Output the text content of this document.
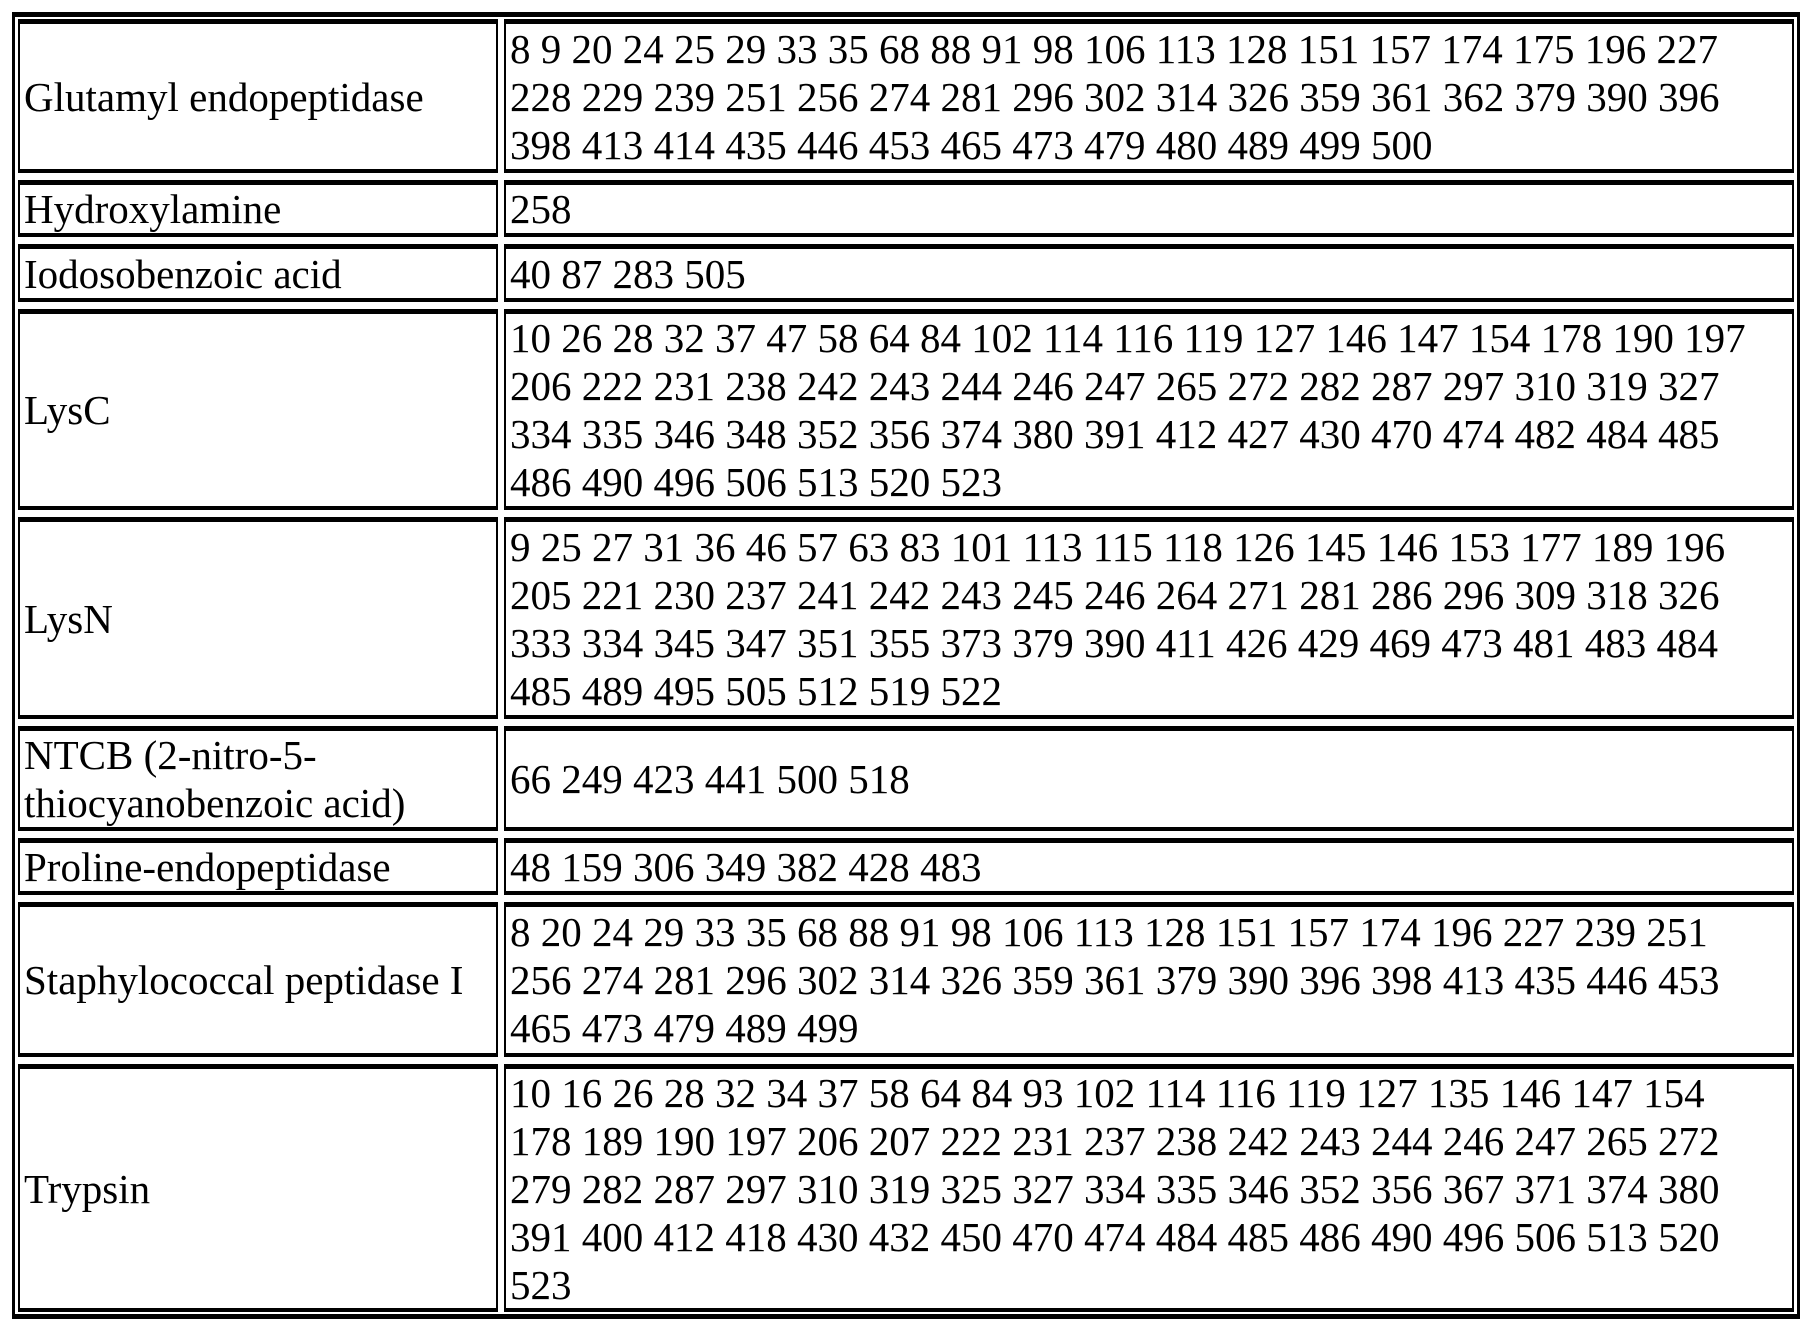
Glutamyl endopeptidase
8 9 20 24 25 29 33 35 68 88 91 98 106 113 128 151 157 174 175 196 227
228 229 239 251 256 274 281 296 302 314 326 359 361 362 379 390 396
398 413 414 435 446 453 465 473 479 480 489 499 500
Hydroxylamine	258
Iodosobenzoic acid	40 87 283 505
LysC
10 26 28 32 37 47 58 64 84 102 114 116 119 127 146 147 154 178 190 197
206 222 231 238 242 243 244 246 247 265 272 282 287 297 310 319 327
334 335 346 348 352 356 374 380 391 412 427 430 470 474 482 484 485
486 490 496 506 513 520 523
LysN
9 25 27 31 36 46 57 63 83 101 113 115 118 126 145 146 153 177 189 196
205 221 230 237 241 242 243 245 246 264 271 281 286 296 309 318 326
333 334 345 347 351 355 373 379 390 411 426 429 469 473 481 483 484
485 489 495 505 512 519 522
NTCB (2-nitro-5-
thiocyanobenzoic acid)
66 249 423 441 500 518
Proline-endopeptidase	48 159 306 349 382 428 483
Staphylococcal peptidase I
8 20 24 29 33 35 68 88 91 98 106 113 128 151 157 174 196 227 239 251
256 274 281 296 302 314 326 359 361 379 390 396 398 413 435 446 453
465 473 479 489 499
Trypsin
10 16 26 28 32 34 37 58 64 84 93 102 114 116 119 127 135 146 147 154
178 189 190 197 206 207 222 231 237 238 242 243 244 246 247 265 272
279 282 287 297 310 319 325 327 334 335 346 352 356 367 371 374 380
391 400 412 418 430 432 450 470 474 484 485 486 490 496 506 513 520
523
